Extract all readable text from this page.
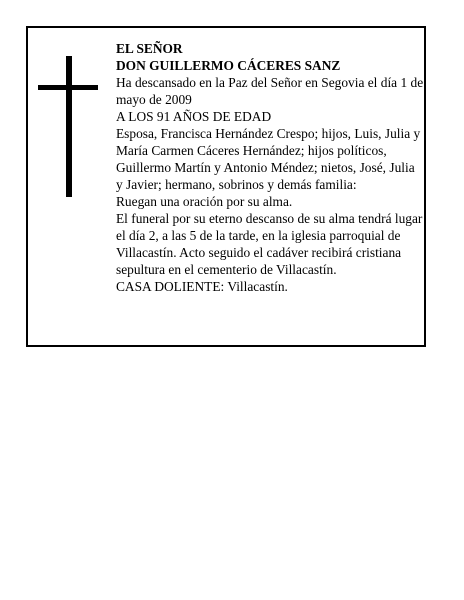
EL SEÑOR

DON GUILLERMO CÁCERES SANZ

Ha descansado en la Paz del Señor en Segovia el día 1 de mayo de 2009

A LOS 91 AÑOS DE EDAD

Esposa, Francisca Hernández Crespo; hijos, Luis, Julia y María Carmen Cáceres Hernández; hijos políticos, Guillermo Martín y Antonio Méndez; nietos, José, Julia y Javier; hermano, sobrinos y demás familia:

Ruegan una oración por su alma.

El funeral por su eterno descanso de su alma tendrá lugar el día 2, a las 5 de la tarde, en la iglesia parroquial de Villacastín. Acto seguido el cadáver recibirá cristiana sepultura en el cementerio de Villacastín.

CASA DOLIENTE: Villacastín.
